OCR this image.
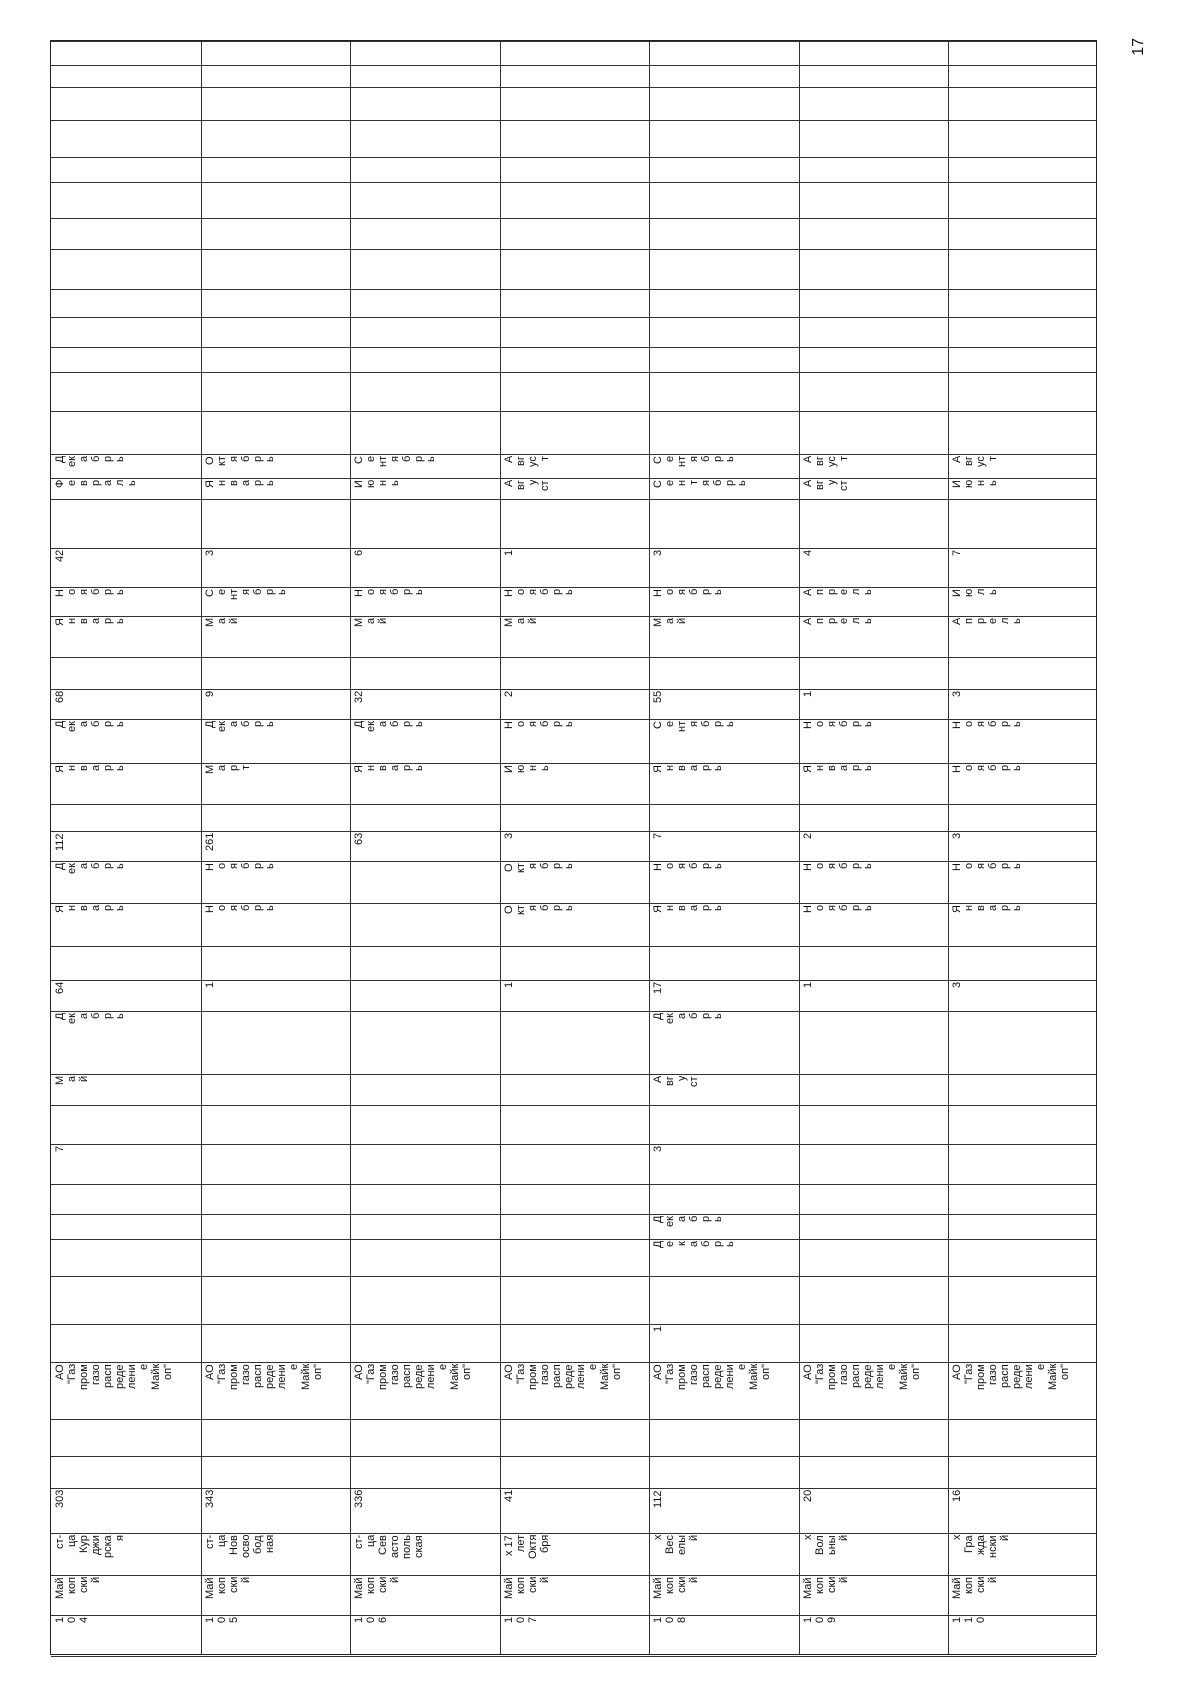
17
1
0
4
Май
коп
ски
й
ст-
ца
Кур
джи
pcка
я
303
АО
"Газ
пром
газо
расп
реде
лени
е
Майк
оп"
7
М
а
й
Д
ек
а
б
р
ь
64
Я
н
в
а
р
ь
Д
ек
а
б
р
ь
112
Я
н
в
а
р
ь
Д
ек
а
б
р
ь
68
Я
н
в
а
р
ь
Н
о
я
б
р
ь
42
Ф
е
в
р
а
л
ь
Д
ек
а
б
р
ь
1
0
5
Май
коп
ски
й
ст-
ца
Нов
осво
бод
ная
343
АО
"Газ
пром
газо
расп
реде
лени
е
Майк
оп"
1
Н
о
я
б
р
ь
Н
о
я
б
р
ь
261
М
а
р
т
Д
ек
а
б
р
ь
9
М
а
й
С
е
нт
я
б
р
ь
3
Я
н
в
а
р
ь
О
кт
я
б
р
ь
1
0
6
Май
коп
ски
й
ст-
ца
Сев
асто
поль
ская
336
АО
"Газ
пром
газо
расп
реде
лени
е
Майк
оп"
63
Я
н
в
а
р
ь
Д
ек
а
б
р
ь
32
М
а
й
Н
о
я
б
р
ь
6
И
ю
н
ь
С
е
нт
я
б
р
ь
1
0
7
Май
коп
ски
й
х 17
лет
Октя
бря
41
АО
"Газ
пром
газо
расп
реде
лени
е
Майк
оп"
1
О
кт
я
б
р
ь
О
кт
я
б
р
ь
3
И
ю
н
ь
Н
о
я
б
р
ь
2
М
а
й
Н
о
я
б
р
ь
1
А
вг
у
ст
А
вг
ус
т
1
0
8
Май
коп
ски
й
х
Вес
елы
й
112
АО
"Газ
пром
газо
расп
реде
лени
е
Майк
оп"
1
Д
е
к
а
б
р
ь
Д
ек
а
б
р
ь
3
А
вг
у
ст
Д
ек
а
б
р
ь
17
Я
н
в
а
р
ь
Н
о
я
б
р
ь
7
Я
н
в
а
р
ь
С
е
нт
я
б
р
ь
55
М
а
й
Н
о
я
б
р
ь
3
С
е
н
т
я
б
р
ь
С
е
нт
я
б
р
ь
1
0
9
Май
коп
ски
й
х
Вол
ьны
й
20
АО
"Газ
пром
газо
расп
реде
лени
е
Майк
оп"
1
Н
о
я
б
р
ь
Н
о
я
б
р
ь
2
Я
н
в
а
р
ь
Н
о
я
б
р
ь
1
А
п
р
е
л
ь
А
п
р
е
л
ь
4
А
вг
у
ст
А
вг
ус
т
1
1
0
Май
коп
ски
й
х
Гра
жда
нски
й
16
АО
"Газ
пром
газо
расп
реде
лени
е
Майк
оп"
3
Я
н
в
а
р
ь
Н
о
я
б
р
ь
3
Н
о
я
б
р
ь
Н
о
я
б
р
ь
3
А
п
р
е
л
ь
И
ю
л
ь
7
И
ю
н
ь
А
вг
ус
т
